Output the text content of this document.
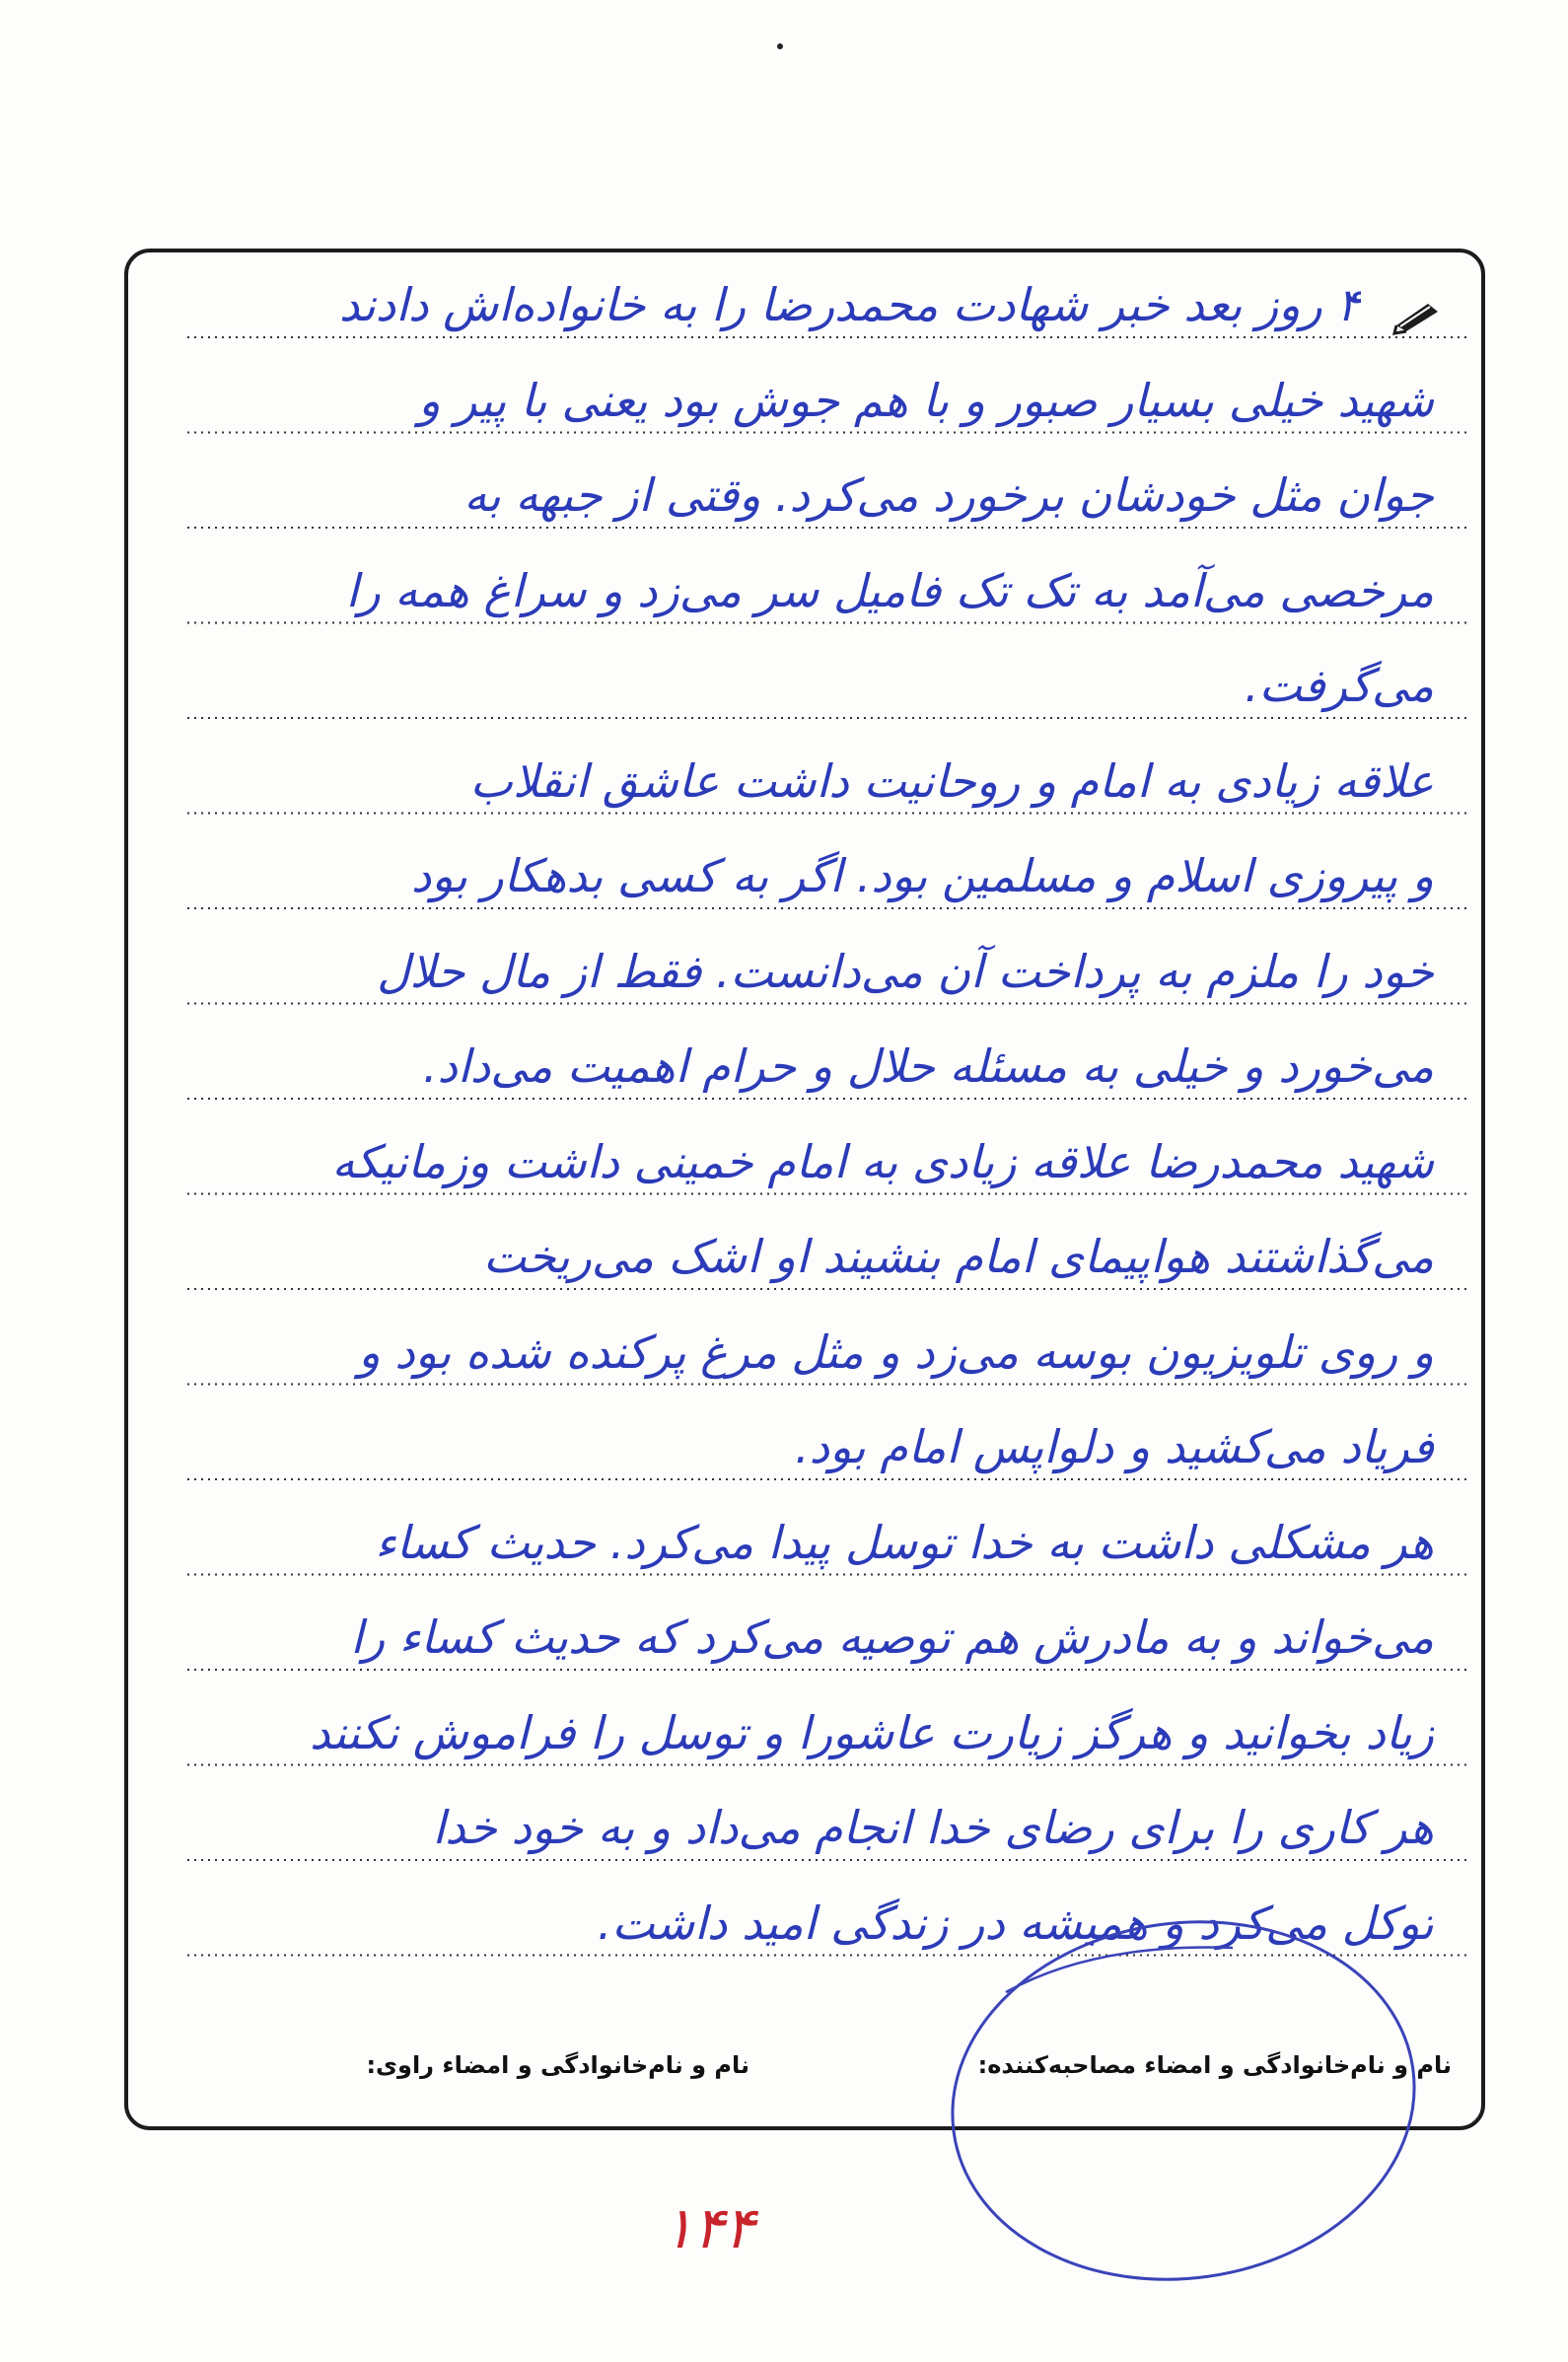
۴ روز بعد خبر شهادت محمدرضا را به خانواده‌اش دادند
شهید خیلی بسیار صبور و با هم جوش بود یعنی با پیر و
جوان مثل خودشان برخورد می‌کرد. وقتی از جبهه به
مرخصی می‌آمد به تک تک فامیل سر می‌زد و سراغ همه را
می‌گرفت.
علاقه زیادی به امام و روحانیت داشت عاشق انقلاب
و پیروزی اسلام و مسلمین بود. اگر به کسی بدهکار بود
خود را ملزم به پرداخت آن می‌دانست. فقط از مال حلال
می‌خورد و خیلی به مسئله حلال و حرام اهمیت می‌داد.
شهید محمدرضا علاقه زیادی به امام خمینی داشت وزمانیکه
می‌گذاشتند هواپیمای امام بنشیند او اشک می‌ریخت
و روی تلویزیون بوسه می‌زد و مثل مرغ پرکنده شده بود و
فریاد می‌کشید و دلواپس امام بود.
هر مشکلی داشت به خدا توسل پیدا می‌کرد. حدیث کساء
می‌خواند و به مادرش هم توصیه می‌کرد که حدیث کساء را
زیاد بخوانید و هرگز زیارت عاشورا و توسل را فراموش نکنند
هر کاری را برای رضای خدا انجام می‌داد و به خود خدا
توکل می‌کرد و همیشه در زندگی امید داشت.
نام و نام‌خانوادگی و امضاء مصاحبه‌کننده:
نام و نام‌خانوادگی و امضاء راوی:
۱۴۴
